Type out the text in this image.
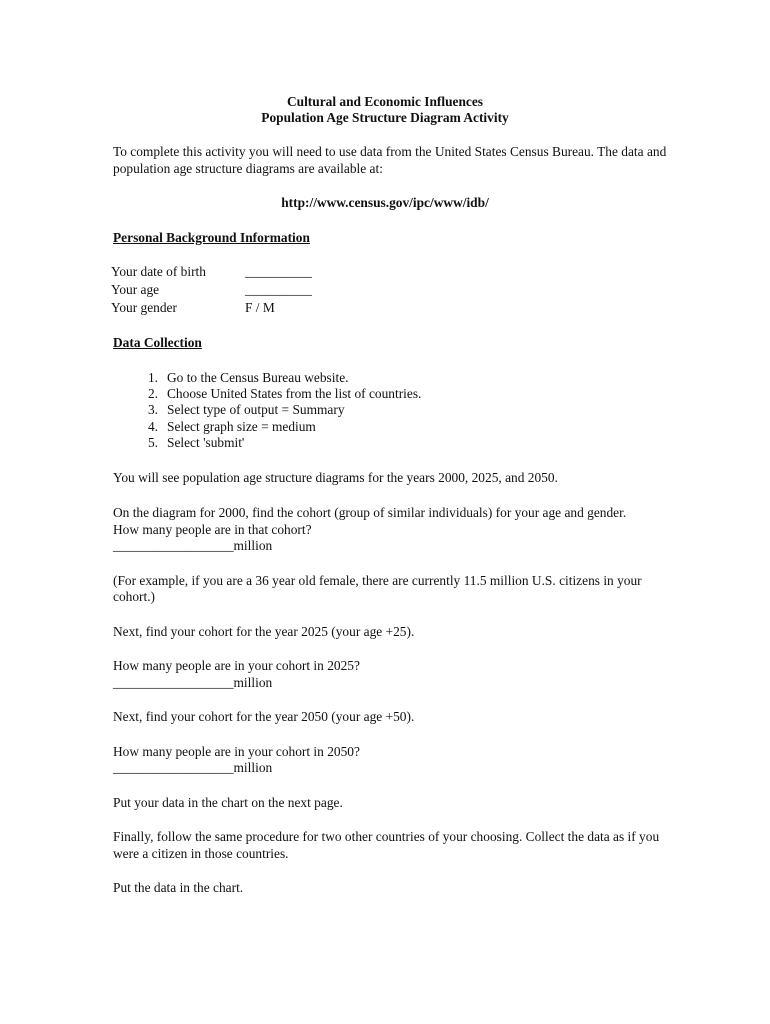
Cultural and Economic Influences
Population Age Structure Diagram Activity

To complete this activity you will need to use data from the United States Census Bureau. The data and population age structure diagrams are available at:

http://www.census.gov/ipc/www/idb/
Personal Background Information
Your date of birth	__________
Your age	__________
Your gender	F / M
Data Collection
1. Go to the Census Bureau website.
2. Choose United States from the list of countries.
3. Select type of output = Summary
4. Select graph size = medium
5. Select 'submit'

You will see population age structure diagrams for the years 2000, 2025, and 2050.

On the diagram for 2000, find the cohort (group of similar individuals) for your age and gender.
How many people are in that cohort?
__________________million

(For example, if you are a 36 year old female, there are currently 11.5 million U.S. citizens in your cohort.)

Next, find your cohort for the year 2025 (your age +25).

How many people are in your cohort in 2025?
__________________million

Next, find your cohort for the year 2050 (your age +50).

How many people are in your cohort in 2050?
__________________million

Put your data in the chart on the next page.

Finally, follow the same procedure for two other countries of your choosing. Collect the data as if you were a citizen in those countries.

Put the data in the chart.
